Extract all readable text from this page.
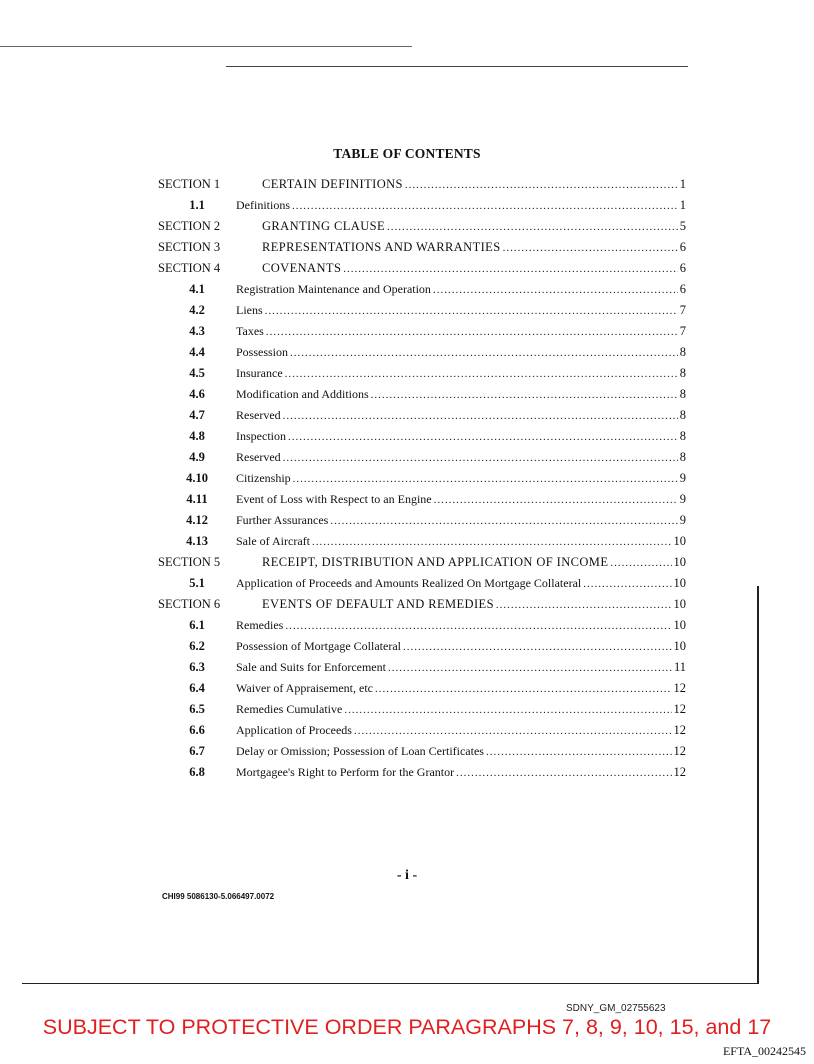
TABLE OF CONTENTS
SECTION 1	CERTAIN DEFINITIONS .....	1
1.1	Definitions .....	1
SECTION 2	GRANTING CLAUSE .....	5
SECTION 3	REPRESENTATIONS AND WARRANTIES .....	6
SECTION 4	COVENANTS .....	6
4.1	Registration Maintenance and Operation .....	6
4.2	Liens .....	7
4.3	Taxes .....	7
4.4	Possession .....	8
4.5	Insurance .....	8
4.6	Modification and Additions .....	8
4.7	Reserved .....	8
4.8	Inspection .....	8
4.9	Reserved .....	8
4.10	Citizenship .....	9
4.11	Event of Loss with Respect to an Engine .....	9
4.12	Further Assurances .....	9
4.13	Sale of Aircraft .....	10
SECTION 5	RECEIPT, DISTRIBUTION AND APPLICATION OF INCOME .....	10
5.1	Application of Proceeds and Amounts Realized On Mortgage Collateral .....	10
SECTION 6	EVENTS OF DEFAULT AND REMEDIES .....	10
6.1	Remedies .....	10
6.2	Possession of Mortgage Collateral .....	10
6.3	Sale and Suits for Enforcement .....	11
6.4	Waiver of Appraisement, etc .....	12
6.5	Remedies Cumulative .....	12
6.6	Application of Proceeds .....	12
6.7	Delay or Omission; Possession of Loan Certificates .....	12
6.8	Mortgagee's Right to Perform for the Grantor .....	12
- i -
CHI99 5086130-5.066497.0072
SDNY_GM_02755623
SUBJECT TO PROTECTIVE ORDER PARAGRAPHS 7, 8, 9, 10, 15, and 17
EFTA_00242545
